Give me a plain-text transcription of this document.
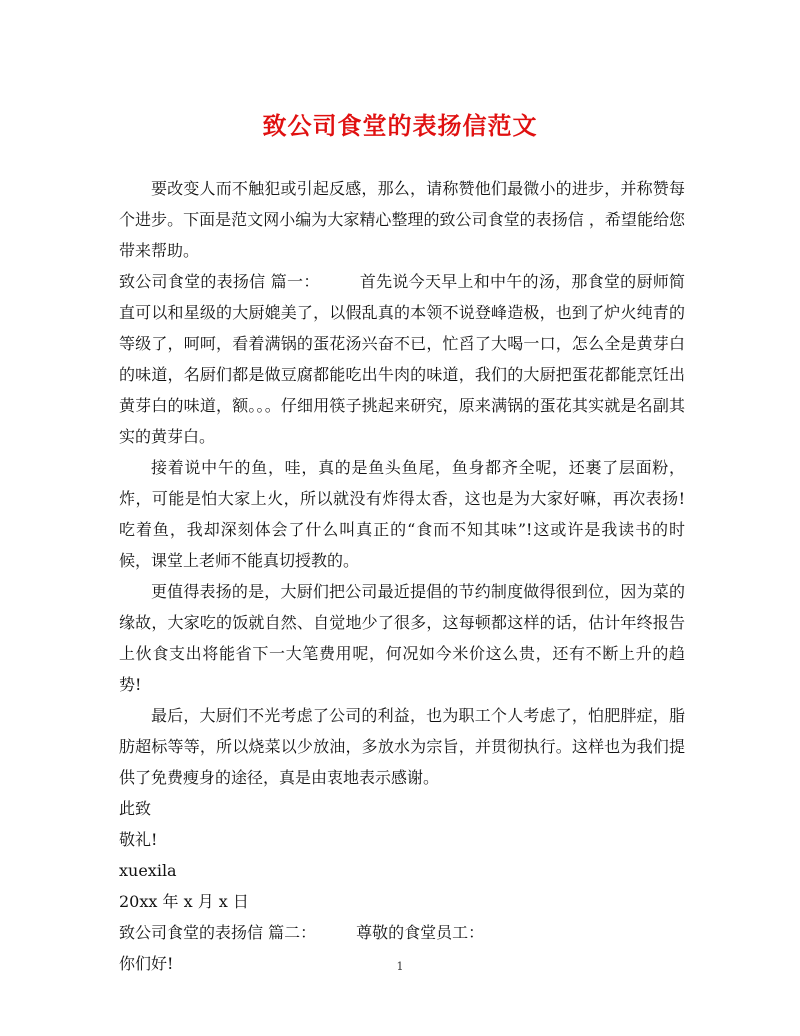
致公司食堂的表扬信范文

要改变人而不触犯或引起反感，那么，请称赞他们最微小的进步，并称赞每个进步。下面是范文网小编为大家精心整理的致公司食堂的表扬信 ，希望能给您带来帮助。

致公司食堂的表扬信 篇一：	首先说今天早上和中午的汤，那食堂的厨师简直可以和星级的大厨媲美了，以假乱真的本领不说登峰造极，也到了炉火纯青的等级了，呵呵，看着满锅的蛋花汤兴奋不已，忙舀了大喝一口，怎么全是黄芽白的味道，名厨们都是做豆腐都能吃出牛肉的味道，我们的大厨把蛋花都能烹饪出黄芽白的味道，额。。。仔细用筷子挑起来研究，原来满锅的蛋花其实就是名副其实的黄芽白。

接着说中午的鱼，哇，真的是鱼头鱼尾，鱼身都齐全呢，还裹了层面粉，炸，可能是怕大家上火，所以就没有炸得太香，这也是为大家好嘛，再次表扬!吃着鱼，我却深刻体会了什么叫真正的“食而不知其味”!这或许是我读书的时候，课堂上老师不能真切授教的。

更值得表扬的是，大厨们把公司最近提倡的节约制度做得很到位，因为菜的缘故，大家吃的饭就自然、自觉地少了很多，这每顿都这样的话，估计年终报告上伙食支出将能省下一大笔费用呢，何况如今米价这么贵，还有不断上升的趋势!

最后，大厨们不光考虑了公司的利益，也为职工个人考虑了，怕肥胖症，脂肪超标等等，所以烧菜以少放油，多放水为宗旨，并贯彻执行。这样也为我们提供了免费瘦身的途径，真是由衷地表示感谢。

此致

敬礼!

xuexila

20xx 年 x 月 x 日

致公司食堂的表扬信 篇二：	尊敬的食堂员工：

你们好!	1
